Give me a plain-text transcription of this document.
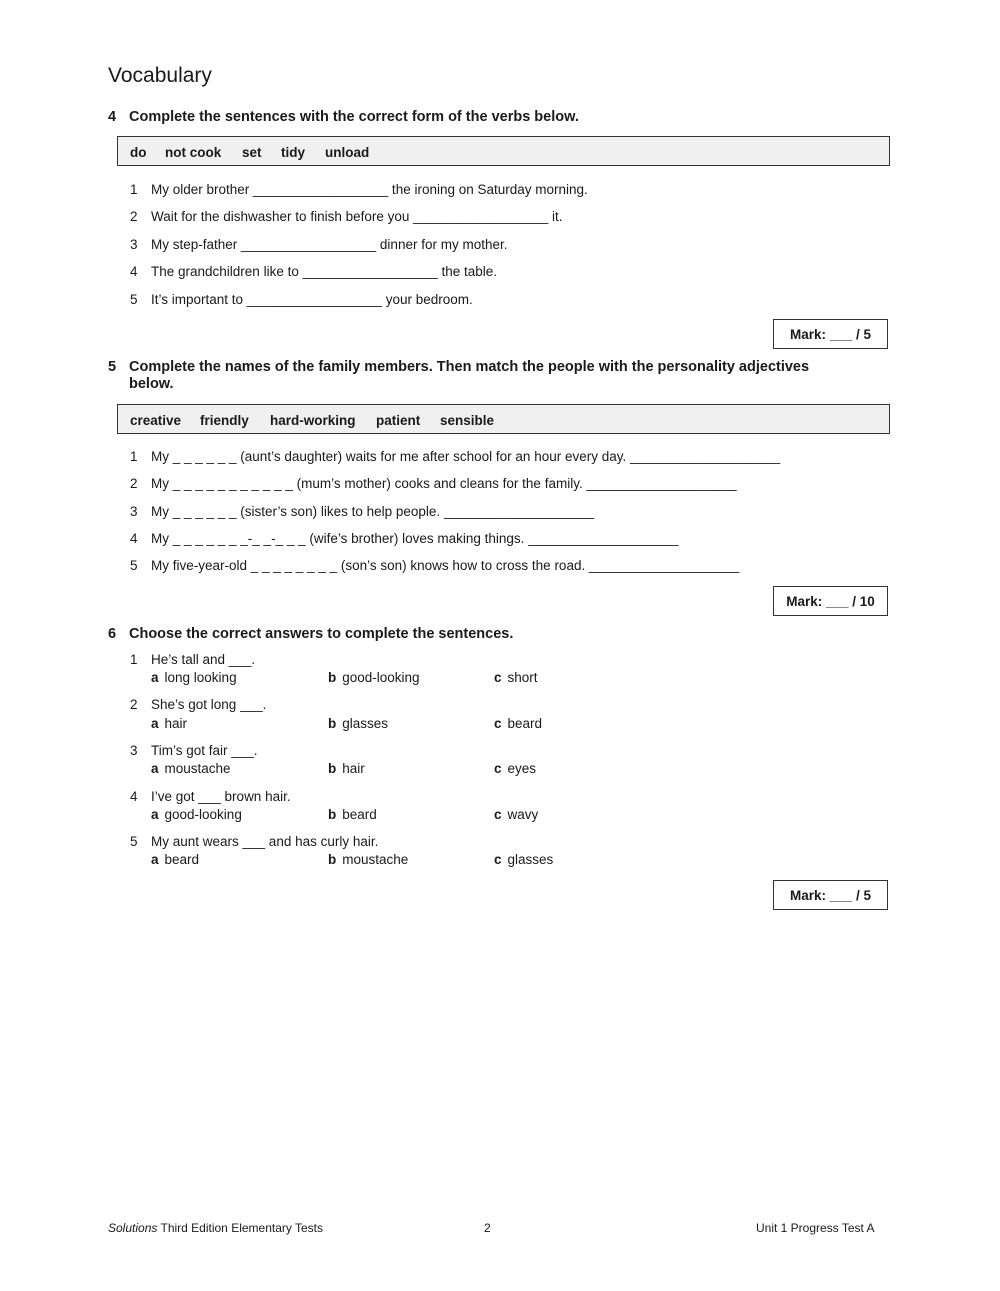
Vocabulary
4 Complete the sentences with the correct form of the verbs below.
do not cook set tidy unload
1 My older brother __________________ the ironing on Saturday morning.
2 Wait for the dishwasher to finish before you __________________ it.
3 My step-father __________________ dinner for my mother.
4 The grandchildren like to __________________ the table.
5 It’s important to __________________ your bedroom.
Mark: ___ / 5
5 Complete the names of the family members. Then match the people with the personality adjectives
below.
creative friendly hard-working patient sensible
1 My _ _ _ _ _ _ (aunt’s daughter) waits for me after school for an hour every day. ____________________
2 My _ _ _ _ _ _ _ _ _ _ _ (mum’s mother) cooks and cleans for the family. ____________________
3 My _ _ _ _ _ _ (sister’s son) likes to help people. ____________________
4 My _ _ _ _ _ _ _-_ _-_ _ _ (wife’s brother) loves making things. ____________________
5 My five-year-old _ _ _ _ _ _ _ _ (son’s son) knows how to cross the road. ____________________
Mark: ___ / 10
6 Choose the correct answers to complete the sentences.
1 He’s tall and ___.
a long looking	b good-looking	c short
2 She’s got long ___.
a hair	b glasses	c beard
3 Tim’s got fair ___.
a moustache	b hair	c eyes
4 I’ve got ___ brown hair.
a good-looking	b beard	c wavy
5 My aunt wears ___ and has curly hair.
a beard	b moustache	c glasses
Mark: ___ / 5
Solutions Third Edition Elementary Tests	2	Unit 1 Progress Test A
